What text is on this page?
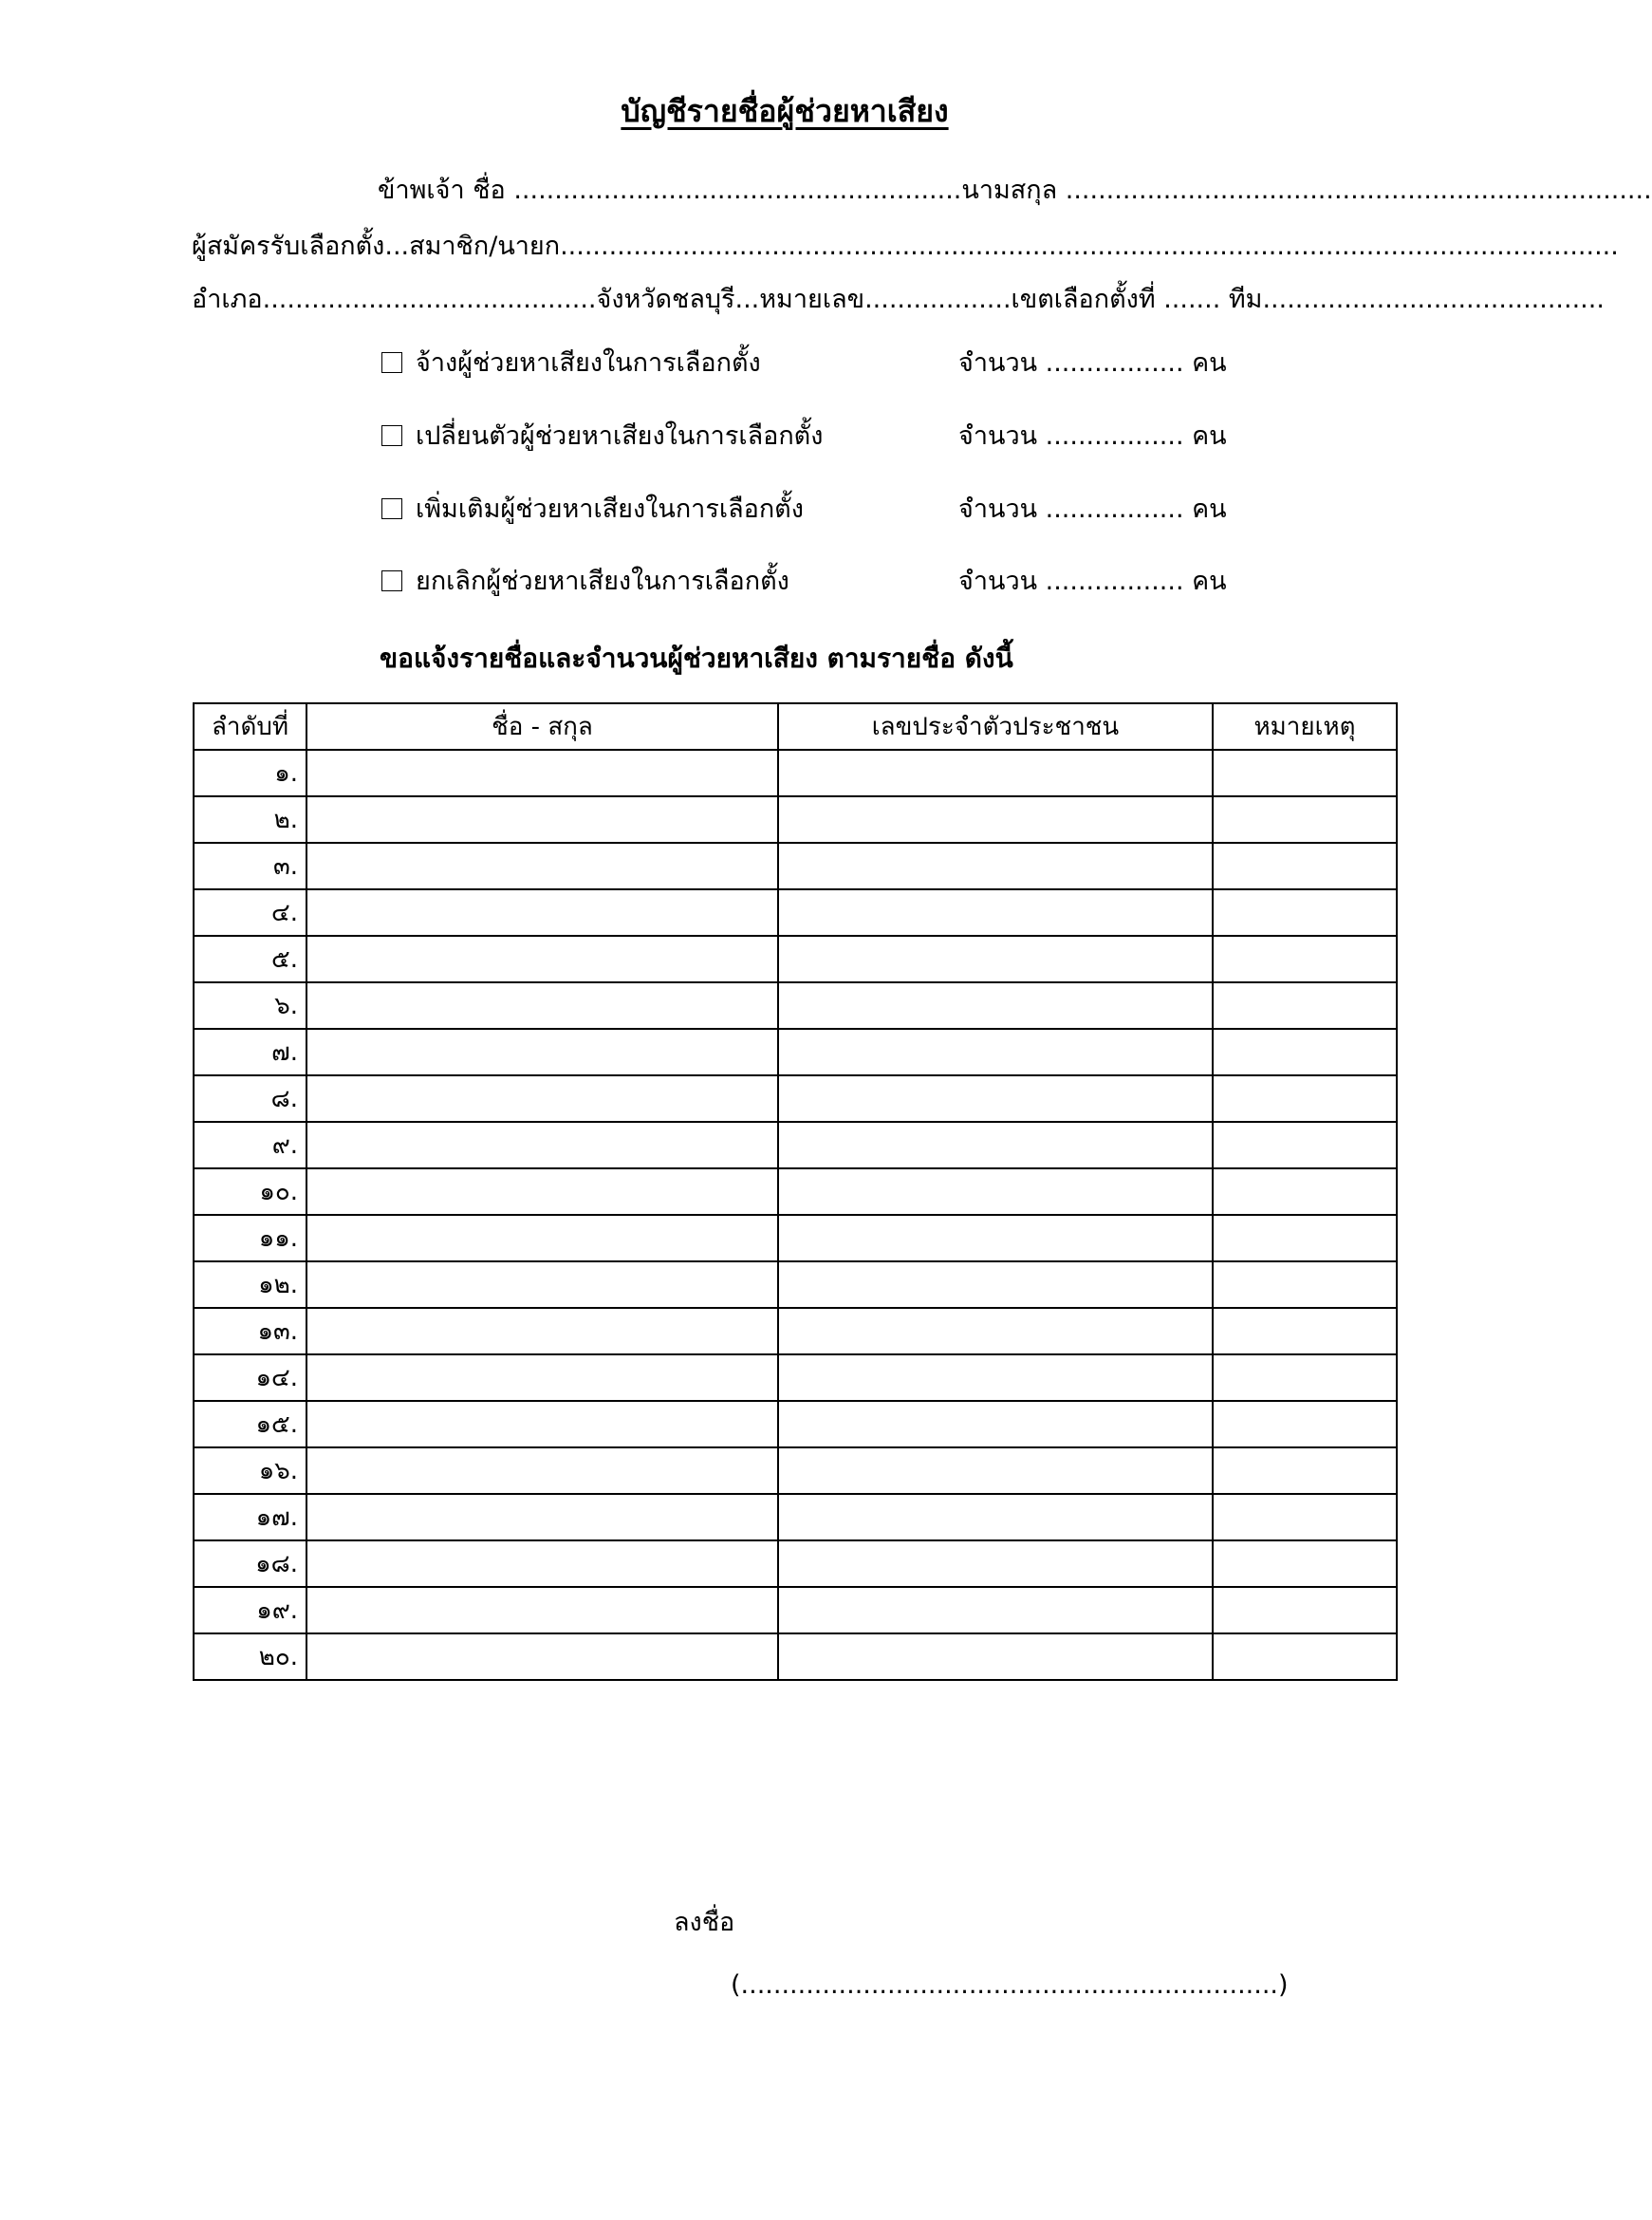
บัญชีรายชื่อผู้ช่วยหาเสียง
ข้าพเจ้า ชื่อ .......................................................นามสกุล ........................................................................
ผู้สมัครรับเลือกตั้ง...สมาชิก/นายก..................................................................................................................................
อำเภอ.........................................จังหวัดชลบุรี...หมายเลข..................เขตเลือกตั้งที่ ....... ทีม..........................................
จ้างผู้ช่วยหาเสียงในการเลือกตั้ง	จำนวน ................. คน
เปลี่ยนตัวผู้ช่วยหาเสียงในการเลือกตั้ง	จำนวน ................. คน
เพิ่มเติมผู้ช่วยหาเสียงในการเลือกตั้ง	จำนวน ................. คน
ยกเลิกผู้ช่วยหาเสียงในการเลือกตั้ง	จำนวน ................. คน
ขอแจ้งรายชื่อและจำนวนผู้ช่วยหาเสียง ตามรายชื่อ ดังนี้
ลำดับที่	ชื่อ - สกุล	เลขประจำตัวประชาชน	หมายเหตุ
๑.			
๒.			
๓.			
๔.			
๕.			
๖.			
๗.			
๘.			
๙.			
๑๐.			
๑๑.			
๑๒.			
๑๓.			
๑๔.			
๑๕.			
๑๖.			
๑๗.			
๑๘.			
๑๙.			
๒๐.			
ลงชื่อ
(..................................................................)
